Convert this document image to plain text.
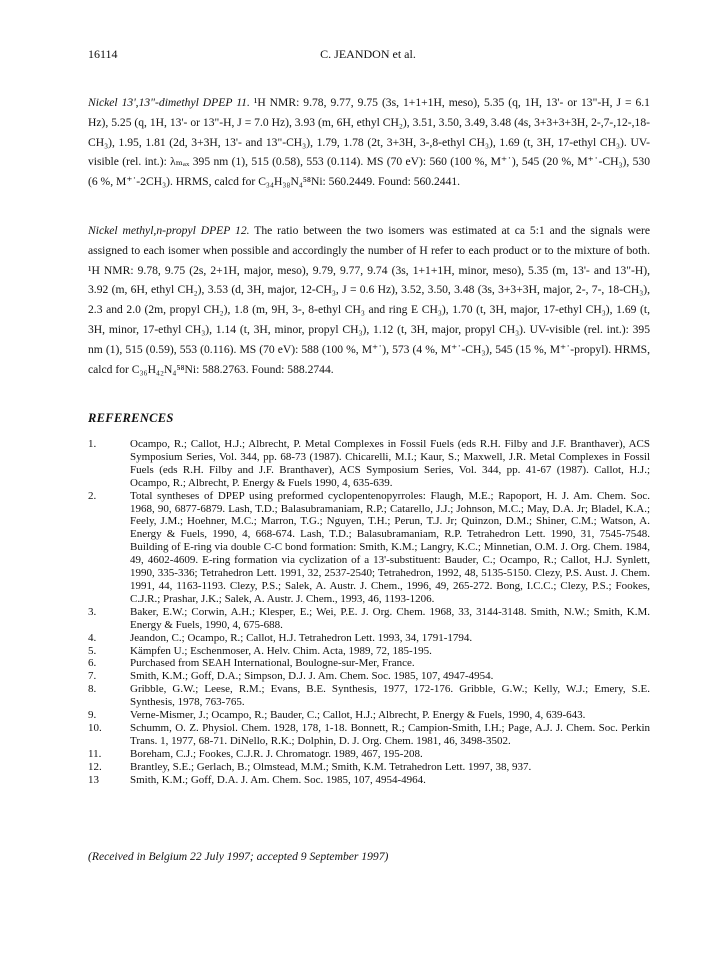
16114	C. JEANDON et al.

Nickel 13',13"-dimethyl DPEP 11. ¹H NMR: 9.78, 9.77, 9.75 (3s, 1+1+1H, meso), 5.35 (q, 1H, 13'- or 13"-H, J = 6.1 Hz), 5.25 (q, 1H, 13'- or 13"-H, J = 7.0 Hz), 3.93 (m, 6H, ethyl CH₂), 3.51, 3.50, 3.49, 3.48 (4s, 3+3+3+3H, 2-,7-,12-,18-CH₃), 1.95, 1.81 (2d, 3+3H, 13'- and 13"-CH₃), 1.79, 1.78 (2t, 3+3H, 3-,8-ethyl CH₃), 1.69 (t, 3H, 17-ethyl CH₃). UV-visible (rel. int.): λₘₐₓ 395 nm (1), 515 (0.58), 553 (0.114). MS (70 eV): 560 (100 %, M⁺˙), 545 (20 %, M⁺˙-CH₃), 530 (6 %, M⁺˙-2CH₃). HRMS, calcd for C₃₄H₃₈N₄⁵⁸Ni: 560.2449. Found: 560.2441.

Nickel methyl,n-propyl DPEP 12. The ratio between the two isomers was estimated at ca 5:1 and the signals were assigned to each isomer when possible and accordingly the number of H refer to each product or to the mixture of both. ¹H NMR: 9.78, 9.75 (2s, 2+1H, major, meso), 9.79, 9.77, 9.74 (3s, 1+1+1H, minor, meso), 5.35 (m, 13'- and 13"-H), 3.92 (m, 6H, ethyl CH₂), 3.53 (d, 3H, major, 12-CH₃, J = 0.6 Hz), 3.52, 3.50, 3.48 (3s, 3+3+3H, major, 2-, 7-, 18-CH₃), 2.3 and 2.0 (2m, propyl CH₂), 1.8 (m, 9H, 3-, 8-ethyl CH₃ and ring E CH₃), 1.70 (t, 3H, major, 17-ethyl CH₃), 1.69 (t, 3H, minor, 17-ethyl CH₃), 1.14 (t, 3H, minor, propyl CH₃), 1.12 (t, 3H, major, propyl CH₃). UV-visible (rel. int.): 395 nm (1), 515 (0.59), 553 (0.116). MS (70 eV): 588 (100 %, M⁺˙), 573 (4 %, M⁺˙-CH₃), 545 (15 %, M⁺˙-propyl). HRMS, calcd for C₃₆H₄₂N₄⁵⁸Ni: 588.2763. Found: 588.2744.

REFERENCES
1.	Ocampo, R.; Callot, H.J.; Albrecht, P. Metal Complexes in Fossil Fuels (eds R.H. Filby and J.F. Branthaver), ACS Symposium Series, Vol. 344, pp. 68-73 (1987). Chicarelli, M.I.; Kaur, S.; Maxwell, J.R. Metal Complexes in Fossil Fuels (eds R.H. Filby and J.F. Branthaver), ACS Symposium Series, Vol. 344, pp. 41-67 (1987). Callot, H.J.; Ocampo, R.; Albrecht, P. Energy & Fuels 1990, 4, 635-639.
2.	Total syntheses of DPEP using preformed cyclopentenopyrroles: Flaugh, M.E.; Rapoport, H. J. Am. Chem. Soc. 1968, 90, 6877-6879. Lash, T.D.; Balasubramaniam, R.P.; Catarello, J.J.; Johnson, M.C.; May, D.A. Jr; Bladel, K.A.; Feely, J.M.; Hoehner, M.C.; Marron, T.G.; Nguyen, T.H.; Perun, T.J. Jr; Quinzon, D.M.; Shiner, C.M.; Watson, A. Energy & Fuels, 1990, 4, 668-674. Lash, T.D.; Balasubramaniam, R.P. Tetrahedron Lett. 1990, 31, 7545-7548. Building of E-ring via double C-C bond formation: Smith, K.M.; Langry, K.C.; Minnetian, O.M. J. Org. Chem. 1984, 49, 4602-4609. E-ring formation via cyclization of a 13'-substituent: Bauder, C.; Ocampo, R.; Callot, H.J. Synlett, 1990, 335-336; Tetrahedron Lett. 1991, 32, 2537-2540; Tetrahedron, 1992, 48, 5135-5150. Clezy, P.S. Aust. J. Chem. 1991, 44, 1163-1193. Clezy, P.S.; Salek, A. Austr. J. Chem., 1996, 49, 265-272. Bong, I.C.C.; Clezy, P.S.; Fookes, C.J.R.; Prashar, J.K.; Salek, A. Austr. J. Chem., 1993, 46, 1193-1206.
3.	Baker, E.W.; Corwin, A.H.; Klesper, E.; Wei, P.E. J. Org. Chem. 1968, 33, 3144-3148. Smith, N.W.; Smith, K.M. Energy & Fuels, 1990, 4, 675-688.
4.	Jeandon, C.; Ocampo, R.; Callot, H.J. Tetrahedron Lett. 1993, 34, 1791-1794.
5.	Kämpfen U.; Eschenmoser, A. Helv. Chim. Acta, 1989, 72, 185-195.
6.	Purchased from SEAH International, Boulogne-sur-Mer, France.
7.	Smith, K.M.; Goff, D.A.; Simpson, D.J. J. Am. Chem. Soc. 1985, 107, 4947-4954.
8.	Gribble, G.W.; Leese, R.M.; Evans, B.E. Synthesis, 1977, 172-176. Gribble, G.W.; Kelly, W.J.; Emery, S.E. Synthesis, 1978, 763-765.
9.	Verne-Mismer, J.; Ocampo, R.; Bauder, C.; Callot, H.J.; Albrecht, P. Energy & Fuels, 1990, 4, 639-643.
10.	Schumm, O. Z. Physiol. Chem. 1928, 178, 1-18. Bonnett, R.; Campion-Smith, I.H.; Page, A.J. J. Chem. Soc. Perkin Trans. 1, 1977, 68-71. DiNello, R.K.; Dolphin, D. J. Org. Chem. 1981, 46, 3498-3502.
11.	Boreham, C.J.; Fookes, C.J.R. J. Chromatogr. 1989, 467, 195-208.
12.	Brantley, S.E.; Gerlach, B.; Olmstead, M.M.; Smith, K.M. Tetrahedron Lett. 1997, 38, 937.
13	Smith, K.M.; Goff, D.A. J. Am. Chem. Soc. 1985, 107, 4954-4964.
(Received in Belgium 22 July 1997; accepted 9 September 1997)
